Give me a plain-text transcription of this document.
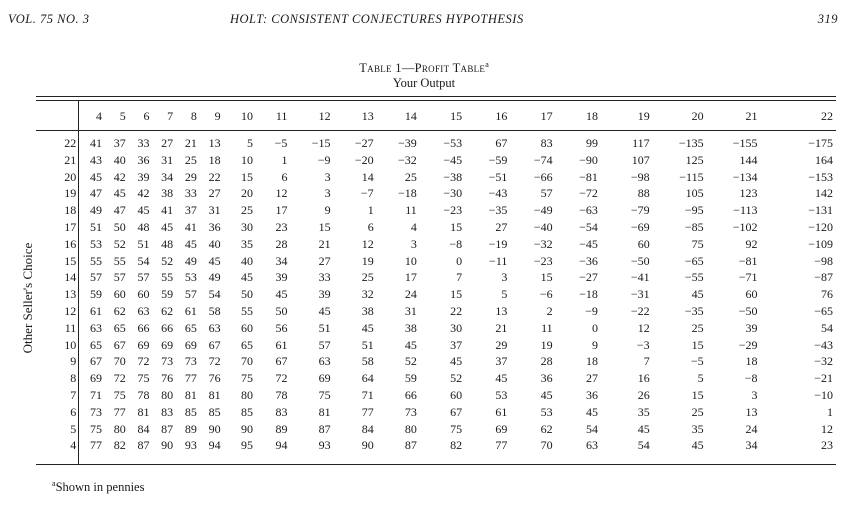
VOL. 75 NO. 3	HOLT: CONSISTENT CONJECTURES HYPOTHESIS	319
Table 1—Profit Table$^a$
Your Output
Other Seller's Choice
	4	5	6	7	8	9	10	11	12	13	14	15	16	17	18	19	20	21	22
22	41	37	33	27	21	13	5	−5	−15	−27	−39	−53	67	83	99	117	−135	−155	−175
21	43	40	36	31	25	18	10	1	−9	−20	−32	−45	−59	−74	−90	107	125	144	164
20	45	42	39	34	29	22	15	6	3	14	25	−38	−51	−66	−81	−98	−115	−134	−153
19	47	45	42	38	33	27	20	12	3	−7	−18	−30	−43	57	−72	88	105	123	142
18	49	47	45	41	37	31	25	17	9	1	11	−23	−35	−49	−63	−79	−95	−113	−131
17	51	50	48	45	41	36	30	23	15	6	4	15	27	−40	−54	−69	−85	−102	−120
16	53	52	51	48	45	40	35	28	21	12	3	−8	−19	−32	−45	60	75	92	−109
15	55	55	54	52	49	45	40	34	27	19	10	0	−11	−23	−36	−50	−65	−81	−98
14	57	57	57	55	53	49	45	39	33	25	17	7	3	15	−27	−41	−55	−71	−87
13	59	60	60	59	57	54	50	45	39	32	24	15	5	−6	−18	−31	45	60	76
12	61	62	63	62	61	58	55	50	45	38	31	22	13	2	−9	−22	−35	−50	−65
11	63	65	66	66	65	63	60	56	51	45	38	30	21	11	0	12	25	39	54
10	65	67	69	69	69	67	65	61	57	51	45	37	29	19	9	−3	15	−29	−43
9	67	70	72	73	73	72	70	67	63	58	52	45	37	28	18	7	−5	18	−32
8	69	72	75	76	77	76	75	72	69	64	59	52	45	36	27	16	5	−8	−21
7	71	75	78	80	81	81	80	78	75	71	66	60	53	45	36	26	15	3	−10
6	73	77	81	83	85	85	85	83	81	77	73	67	61	53	45	35	25	13	1
5	75	80	84	87	89	90	90	89	87	84	80	75	69	62	54	45	35	24	12
4	77	82	87	90	93	94	95	94	93	90	87	82	77	70	63	54	45	34	23
$^a$Shown in pennies
